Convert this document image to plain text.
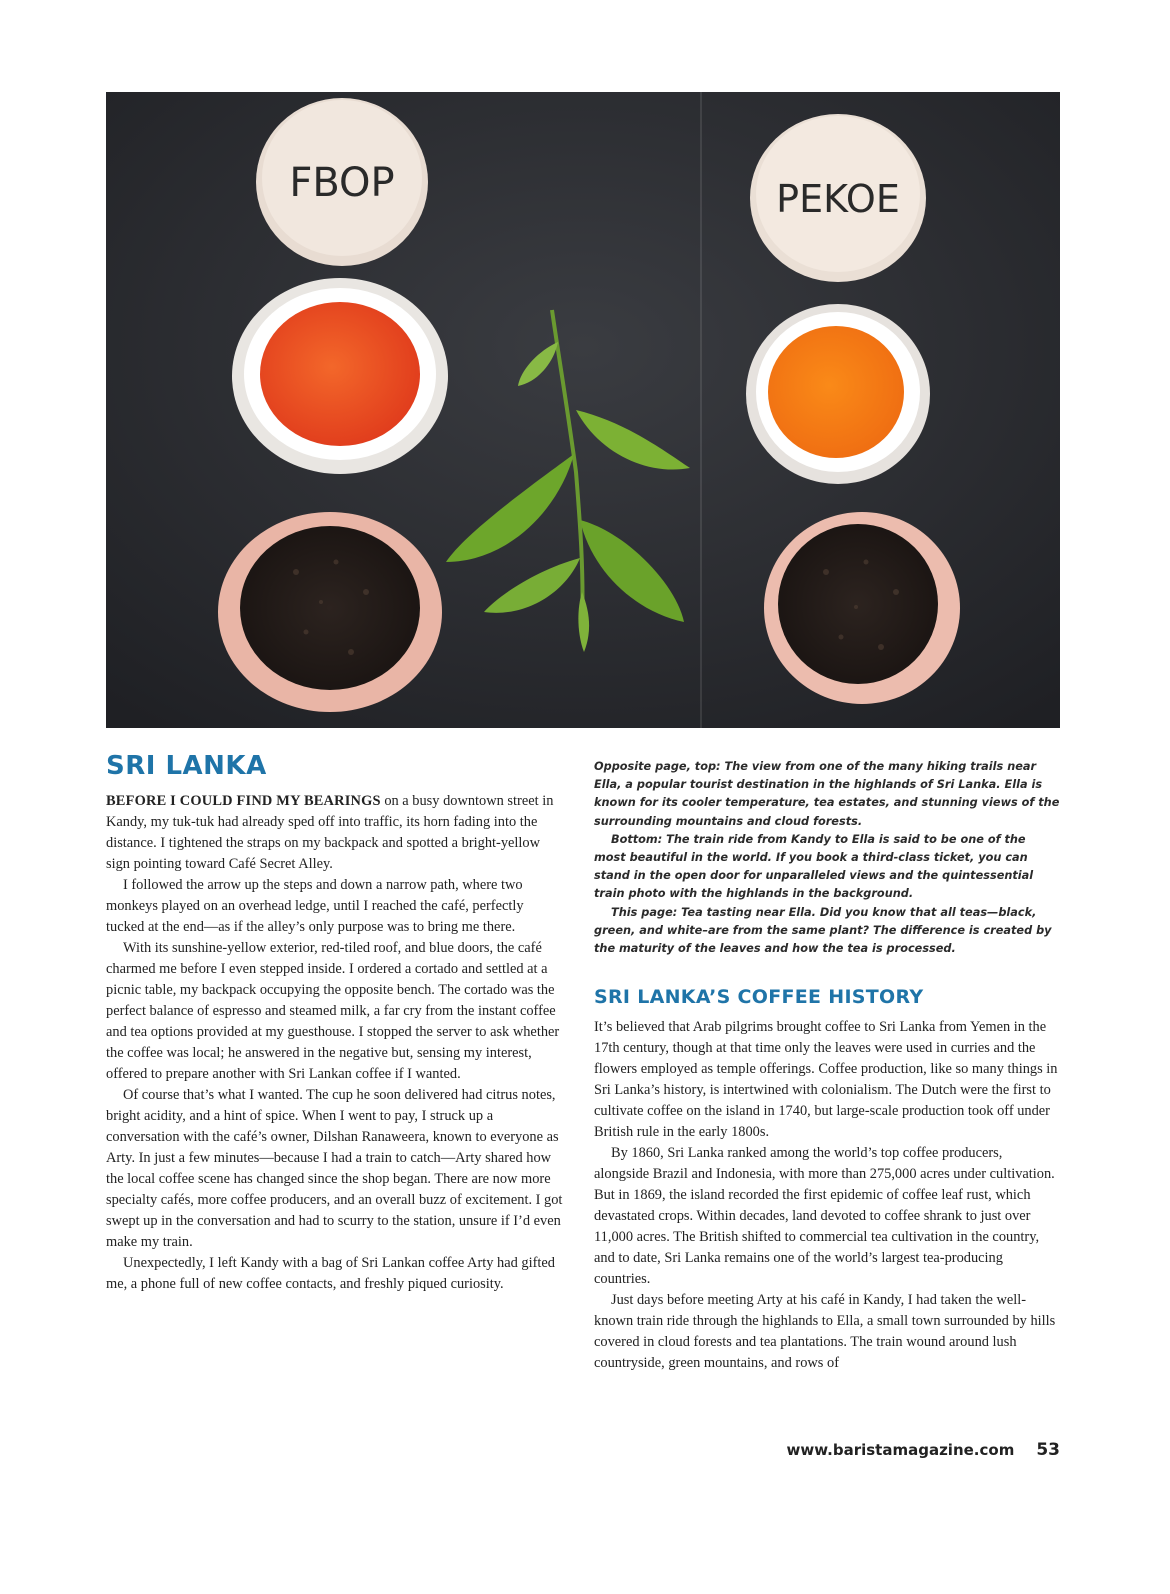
FBOP	PEKOE
SRI LANKA

BEFORE I COULD FIND MY BEARINGS on a busy downtown street in Kandy, my tuk-tuk had already sped off into traffic, its horn fading into the distance. I tightened the straps on my backpack and spotted a bright-yellow sign pointing toward Café Secret Alley.

I followed the arrow up the steps and down a narrow path, where two monkeys played on an overhead ledge, until I reached the café, perfectly tucked at the end—as if the alley’s only purpose was to bring me there.

With its sunshine-yellow exterior, red-tiled roof, and blue doors, the café charmed me before I even stepped inside. I ordered a cortado and settled at a picnic table, my backpack occupying the opposite bench. The cortado was the perfect balance of espresso and steamed milk, a far cry from the instant coffee and tea options provided at my guesthouse. I stopped the server to ask whether the coffee was local; he answered in the negative but, sensing my interest, offered to prepare another with Sri Lankan coffee if I wanted.

Of course that’s what I wanted. The cup he soon delivered had citrus notes, bright acidity, and a hint of spice. When I went to pay, I struck up a conversation with the café’s owner, Dilshan Ranaweera, known to everyone as Arty. In just a few minutes—because I had a train to catch—Arty shared how the local coffee scene has changed since the shop began. There are now more specialty cafés, more coffee producers, and an overall buzz of excitement. I got swept up in the conversation and had to scurry to the station, unsure if I’d even make my train.

Unexpectedly, I left Kandy with a bag of Sri Lankan coffee Arty had gifted me, a phone full of new coffee contacts, and freshly piqued curiosity.

Opposite page, top: The view from one of the many hiking trails near Ella, a popular tourist destination in the highlands of Sri Lanka. Ella is known for its cooler temperature, tea estates, and stunning views of the surrounding mountains and cloud forests.

Bottom: The train ride from Kandy to Ella is said to be one of the most beautiful in the world. If you book a third-class ticket, you can stand in the open door for unparalleled views and the quintessential train photo with the highlands in the background.

This page: Tea tasting near Ella. Did you know that all teas—black, green, and white–are from the same plant? The difference is created by the maturity of the leaves and how the tea is processed.

SRI LANKA’S COFFEE HISTORY

It’s believed that Arab pilgrims brought coffee to Sri Lanka from Yemen in the 17th century, though at that time only the leaves were used in curries and the flowers employed as temple offerings. Coffee production, like so many things in Sri Lanka’s history, is intertwined with colonialism. The Dutch were the first to cultivate coffee on the island in 1740, but large-scale production took off under British rule in the early 1800s.

By 1860, Sri Lanka ranked among the world’s top coffee producers, alongside Brazil and Indonesia, with more than 275,000 acres under cultivation. But in 1869, the island recorded the first epidemic of coffee leaf rust, which devastated crops. Within decades, land devoted to coffee shrank to just over 11,000 acres. The British shifted to commercial tea cultivation in the country, and to date, Sri Lanka remains one of the world’s largest tea-producing countries.

Just days before meeting Arty at his café in Kandy, I had taken the well-known train ride through the highlands to Ella, a small town surrounded by hills covered in cloud forests and tea plantations. The train wound around lush countryside, green mountains, and rows of

www.baristamagazine.com 53
